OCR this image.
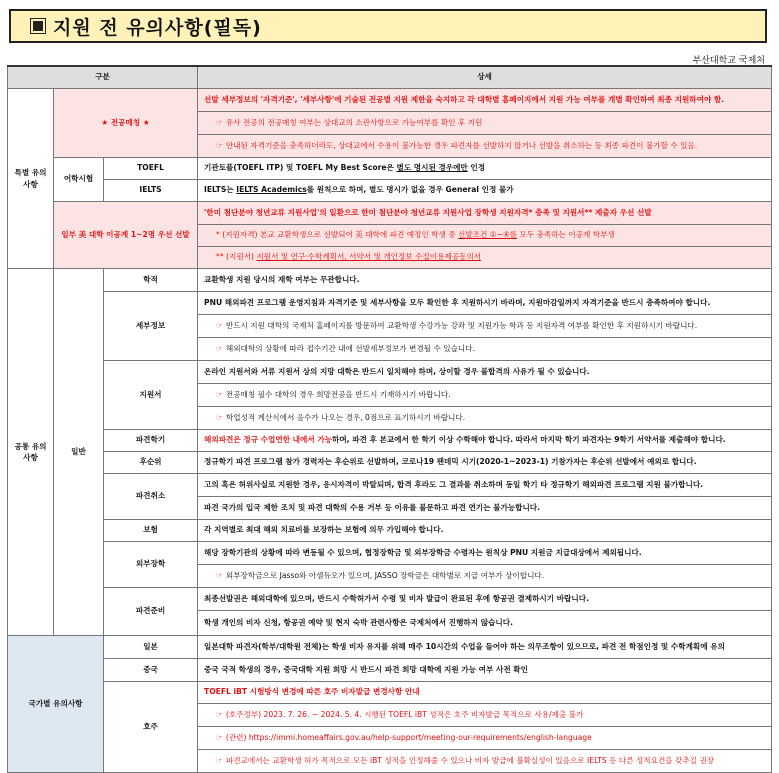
지원 전 유의사항(필독)
부산대학교 국제처
구분			상세
특별 유의사항	★ 전공매칭 ★		선발 세부정보의 '자격기준', '세부사항'에 기술된 전공별 지원 제한을 숙지하고 각 대학별 홈페이지에서 지원 가능 여부를 개별 확인하여 최종 지원하여야 함.
			☞ 유사 전공의 전공매칭 여부는 상대교의 소관사항으로 가능여부를 확인 후 지원
			☞ 안내된 자격기준을 충족하더라도, 상대교에서 수용이 불가능한 경우 파견자를 선발하지 않거나 선발을 취소하는 등 최종 파견이 불가할 수 있음.
	어학시험	TOEFL	기관토플(TOEFL ITP) 및 TOEFL My Best Score은 별도 명시된 경우에만 인정
		IELTS	IELTS는 IELTS Academics를 원칙으로 하며, 별도 명시가 없을 경우 General 인정 불가
	일부 美 대학 이공계 1~2명 우선 선발		'한미 첨단분야 청년교류 지원사업'의 일환으로 한미 첨단분야 청년교류 지원사업 장학생 지원자격* 충족 및 지원서** 제출자 우선 선발
			* (지원자격) 본교 교환학생으로 선발되어 美 대학에 파견 예정인 학생 중 선발조건 ①~④를 모두 충족하는 이공계 학부생
			** (지원서) 지원서 및 연구·수학계획서, 서약서 및 개인정보 수집이용제공동의서
공통 유의사항	일반	학적	교환학생 지원 당시의 재학 여부는 무관합니다.
		세부정보	PNU 해외파견 프로그램 운영지침과 자격기준 및 세부사항을 모두 확인한 후 지원하시기 바라며, 지원마감일까지 자격기준을 반드시 충족하여야 합니다.
			☞ 반드시 지원 대학의 국제처 홈페이지를 방문하여 교환학생 수강가능 강좌 및 지원가능 학과 등 지원자격 여부를 확인한 후 지원하시기 바랍니다.
			☞ 해외대학의 상황에 따라 접수기간 내에 선발세부정보가 변경될 수 있습니다.
		지원서	온라인 지원서와 서류 지원서 상의 지망 대학은 반드시 일치해야 하며, 상이할 경우 불합격의 사유가 될 수 있습니다.
			☞ 전공매칭 필수 대학의 경우 희망전공을 반드시 기재하시기 바랍니다.
			☞ 학업성적 계산식에서 음수가 나오는 경우, 0점으로 표기하시기 바랍니다.
		파견학기	해외파견은 정규 수업연한 내에서 가능하며, 파견 후 본교에서 한 학기 이상 수학해야 합니다. 따라서 마지막 학기 파견자는 9학기 서약서를 제출해야 합니다.
		후순위	정규학기 파견 프로그램 참가 경력자는 후순위로 선발하며, 코로나19 팬데믹 시기(2020-1~2023-1) 기참가자는 후순위 선발에서 예외로 합니다.
		파견취소	고의 혹은 허위사실로 지원한 경우, 응시자격이 박탈되며, 합격 후라도 그 결과를 취소하며 동일 학기 타 정규학기 해외파견 프로그램 지원 불가합니다.
			파견 국가의 입국 제한 조치 및 파견 대학의 수용 거부 등 이유를 불문하고 파견 연기는 불가능합니다.
		보험	각 지역별로 최대 해외 치료비를 보장하는 보험에 의무 가입해야 합니다.
		외부장학	해당 장학기관의 상황에 따라 변동될 수 있으며, 협정장학금 및 외부장학금 수령자는 원칙상 PNU 지원금 지급대상에서 제외됩니다.
			☞ 외부장학금으로 Jasso와 아셈듀오가 있으며, JASSO 장학금은 대학별로 지급 여부가 상이합니다.
		파견준비	최종선발권은 해외대학에 있으며, 반드시 수학허가서 수령 및 비자 발급이 완료된 후에 항공권 결제하시기 바랍니다.
			학생 개인의 비자 신청, 항공권 예약 및 현지 숙박 관련사항은 국제처에서 진행하지 않습니다.
국가별 유의사항		일본	일본대학 파견자(학부/대학원 전체)는 학생 비자 유지를 위해 매주 10시간의 수업을 들어야 하는 의무조항이 있으므로, 파견 전 학점인정 및 수학계획에 유의
		중국	중국 국적 학생의 경우, 중국대학 지원 희망 시 반드시 파견 희망 대학에 지원 가능 여부 사전 확인
		호주	TOEFL iBT 시험방식 변경에 따른 호주 비자발급 변경사항 안내
			☞ (호주정부) 2023. 7. 26. ~ 2024. 5. 4. 시행된 TOEFL iBT 성적은 호주 비자발급 목적으로 사용/제출 불가
			☞ (관련) https://immi.homeaffairs.gov.au/help-support/meeting-our-requirements/english-language
			☞ 파견교에서는 교환학생 허가 목적으로 모든 iBT 성적을 인정해줄 수 있으나 비자 발급에 불확실성이 있음으로 IELTS 등 다른 성적요건을 갖추길 권장
